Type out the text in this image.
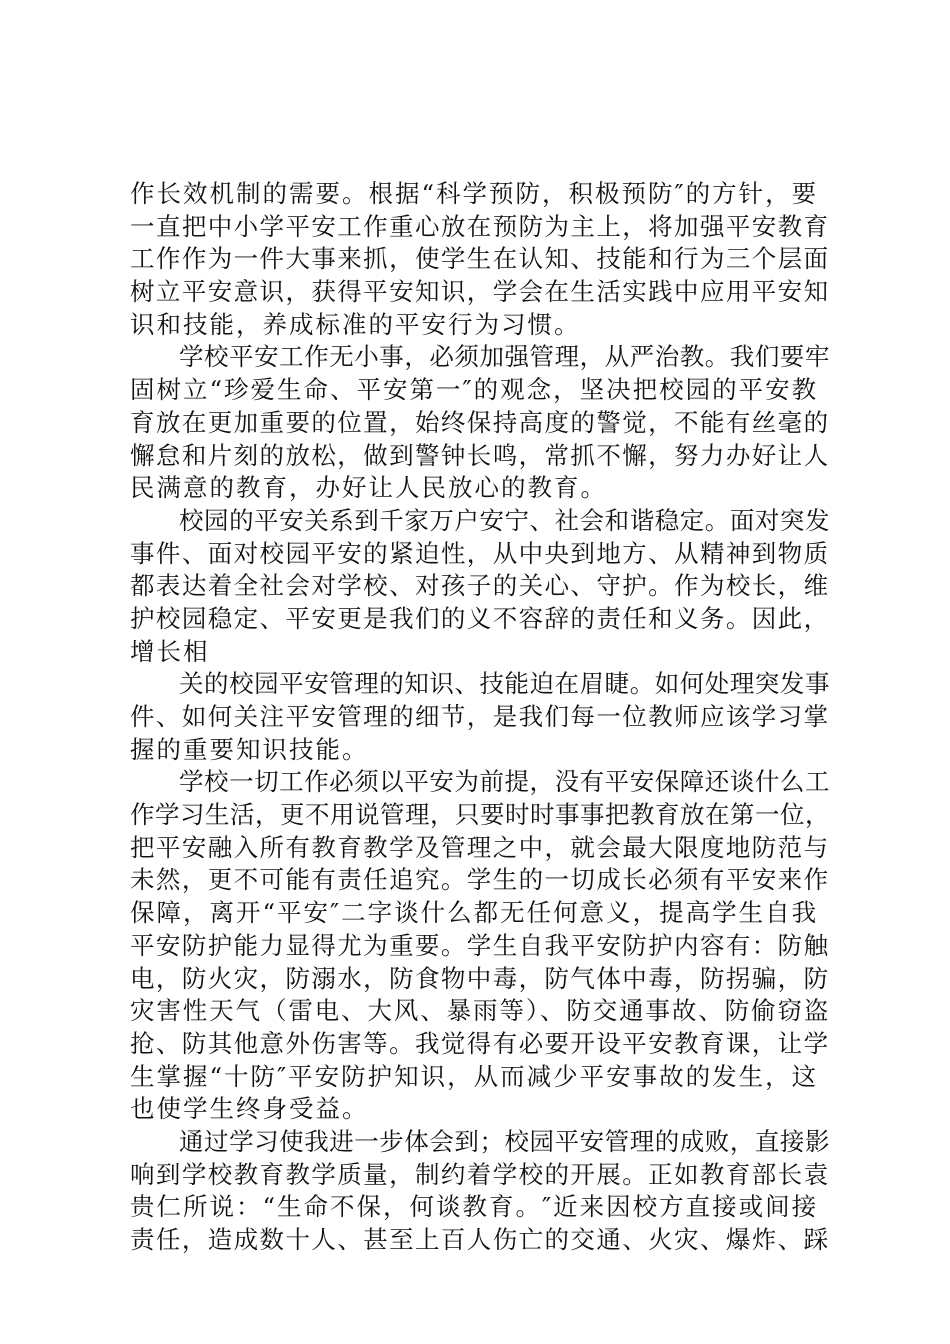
作长效机制的需要。根据“科学预防，积极预防″的方针，要
一直把中小学平安工作重心放在预防为主上，将加强平安教育
工作作为一件大事来抓，使学生在认知、技能和行为三个层面
树立平安意识，获得平安知识，学会在生活实践中应用平安知
识和技能，养成标准的平安行为习惯。
学校平安工作无小事，必须加强管理，从严治教。我们要牢
固树立“珍爱生命、平安第一″的观念，坚决把校园的平安教
育放在更加重要的位置，始终保持高度的警觉，不能有丝毫的
懈怠和片刻的放松，做到警钟长鸣，常抓不懈，努力办好让人
民满意的教育，办好让人民放心的教育。
校园的平安关系到千家万户安宁、社会和谐稳定。面对突发
事件、面对校园平安的紧迫性，从中央到地方、从精神到物质
都表达着全社会对学校、对孩子的关心、守护。作为校长，维
护校园稳定、平安更是我们的义不容辞的责任和义务。因此，
增长相
关的校园平安管理的知识、技能迫在眉睫。如何处理突发事
件、如何关注平安管理的细节，是我们每一位教师应该学习掌
握的重要知识技能。
学校一切工作必须以平安为前提，没有平安保障还谈什么工
作学习生活，更不用说管理，只要时时事事把教育放在第一位，
把平安融入所有教育教学及管理之中，就会最大限度地防范与
未然，更不可能有责任追究。学生的一切成长必须有平安来作
保障，离开“平安″二字谈什么都无任何意义，提高学生自我
平安防护能力显得尤为重要。学生自我平安防护内容有：防触
电，防火灾，防溺水，防食物中毒，防气体中毒，防拐骗，防
灾害性天气（雷电、大风、暴雨等）、防交通事故、防偷窃盗
抢、防其他意外伤害等。我觉得有必要开设平安教育课，让学
生掌握“十防″平安防护知识，从而减少平安事故的发生，这
也使学生终身受益。
通过学习使我进一步体会到；校园平安管理的成败，直接影
响到学校教育教学质量，制约着学校的开展。正如教育部长袁
贵仁所说：“生命不保，何谈教育。″近来因校方直接或间接
责任，造成数十人、甚至上百人伤亡的交通、火灾、爆炸、踩
